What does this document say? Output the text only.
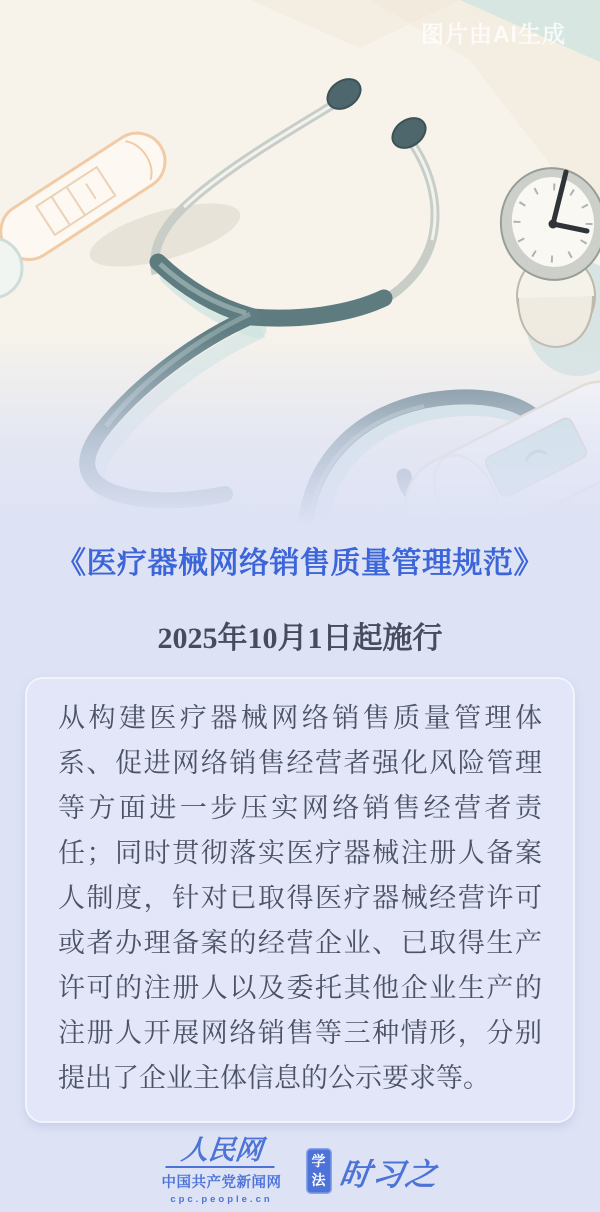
图片由AI生成
《医疗器械网络销售质量管理规范》
2025年10月1日起施行

从构建医疗器械网络销售质量管理体系、促进网络销售经营者强化风险管理等方面进一步压实网络销售经营者责任；同时贯彻落实医疗器械注册人备案人制度，针对已取得医疗器械经营许可或者办理备案的经营企业、已取得生产许可的注册人以及委托其他企业生产的注册人开展网络销售等三种情形，分别提出了企业主体信息的公示要求等。

人民网
中国共产党新闻网
cpc.people.cn
学
法 时习之
